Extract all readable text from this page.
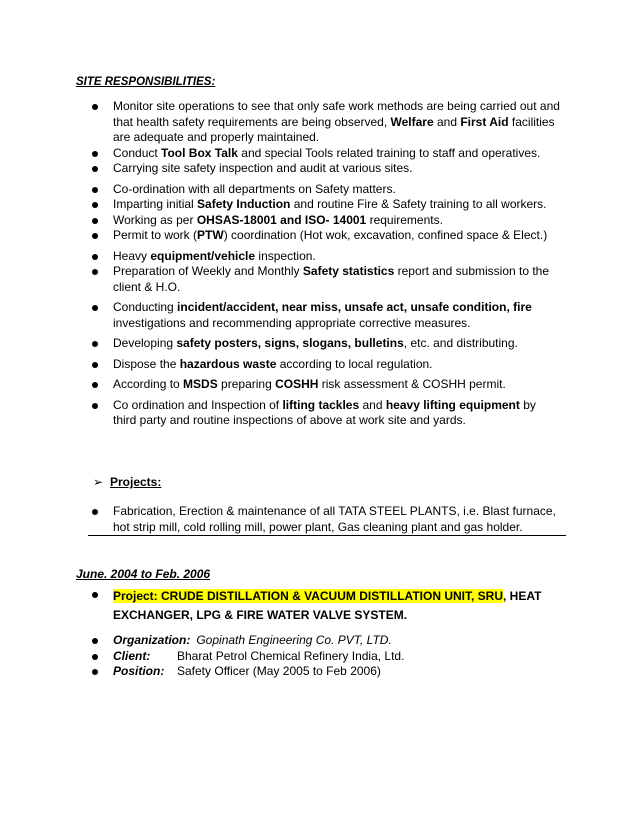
SITE RESPONSIBILITIES:
Monitor site operations to see that only safe work methods are being carried out and that health safety requirements are being observed, Welfare and First Aid facilities are adequate and properly maintained.
Conduct Tool Box Talk and special Tools related training to staff and operatives.
Carrying site safety inspection and audit at various sites.
Co-ordination with all departments on Safety matters.
Imparting initial Safety Induction and routine Fire & Safety training to all workers.
Working as per OHSAS-18001 and ISO- 14001 requirements.
Permit to work (PTW) coordination (Hot wok, excavation, confined space & Elect.)
Heavy equipment/vehicle inspection.
Preparation of Weekly and Monthly Safety statistics report and submission to the client & H.O.
Conducting incident/accident, near miss, unsafe act, unsafe condition, fire investigations and recommending appropriate corrective measures.
Developing safety posters, signs, slogans, bulletins, etc. and distributing.
Dispose the hazardous waste according to local regulation.
According to MSDS preparing COSHH risk assessment & COSHH permit.
Co ordination and Inspection of lifting tackles and heavy lifting equipment by third party and routine inspections of above at work site and yards.
➢ Projects:
Fabrication, Erection & maintenance of all TATA STEEL PLANTS, i.e. Blast furnace, hot strip mill, cold rolling mill, power plant, Gas cleaning plant and gas holder.
June. 2004 to Feb. 2006
Project: CRUDE DISTILLATION & VACUUM DISTILLATION UNIT, SRU, HEAT EXCHANGER, LPG & FIRE WATER VALVE SYSTEM.
Organization: Gopinath Engineering Co. PVT, LTD.
Client: Bharat Petrol Chemical Refinery India, Ltd.
Position: Safety Officer (May 2005 to Feb 2006)
